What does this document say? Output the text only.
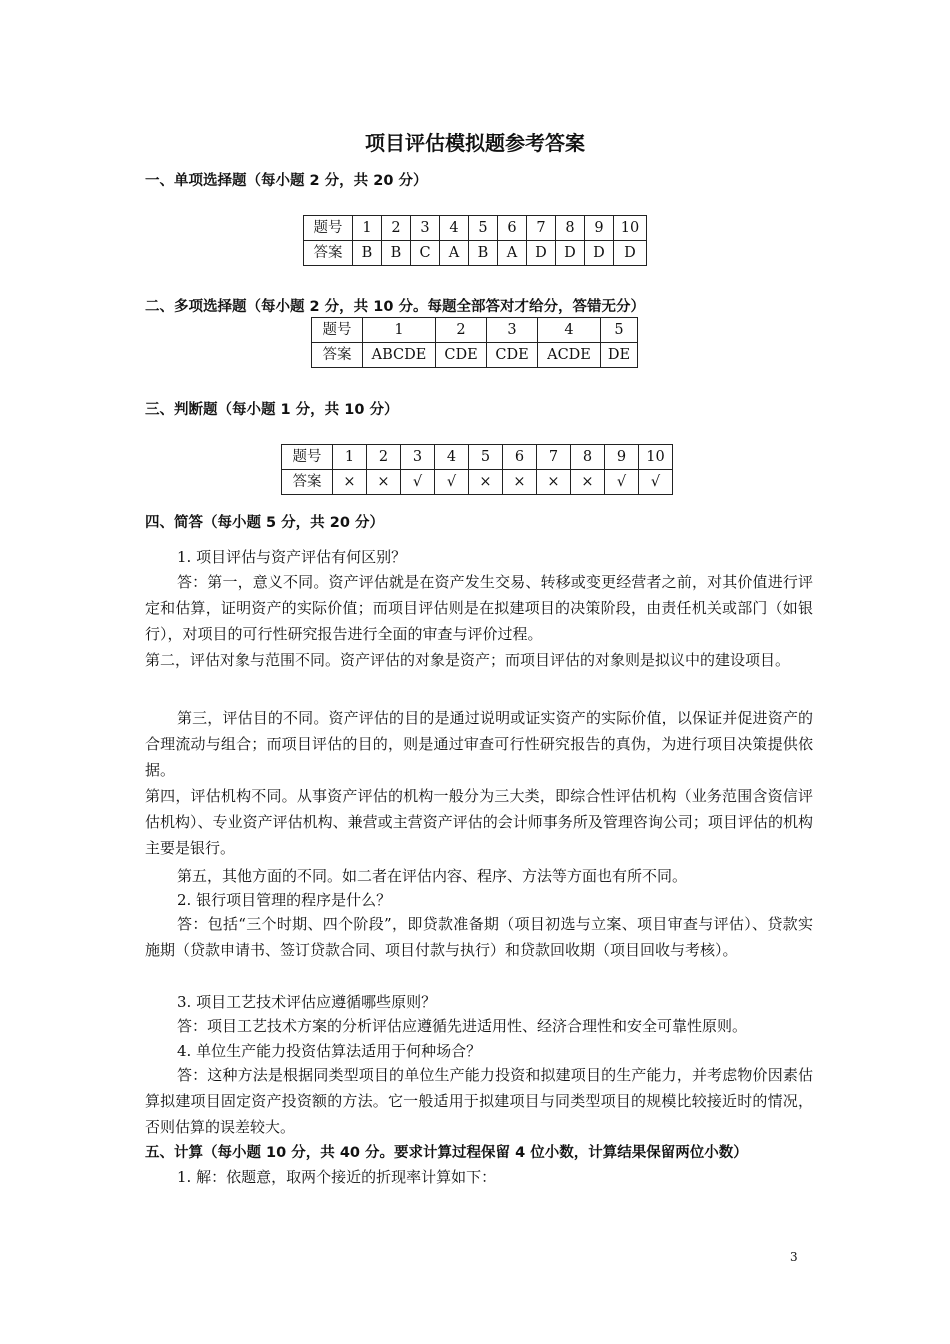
项目评估模拟题参考答案
一、单项选择题（每小题 2 分，共 20 分）
题号	1	2	3	4	5	6	7	8	9	10
答案	B	B	C	A	B	A	D	D	D	D
二、多项选择题（每小题 2 分，共 10 分。每题全部答对才给分，答错无分）
题号	1	2	3	4	5
答案	ABCDE	CDE	CDE	ACDE	DE
三、判断题（每小题 1 分，共 10 分）
题号	1	2	3	4	5	6	7	8	9	10
答案	×	×	√	√	×	×	×	×	√	√
四、简答（每小题 5 分，共 20 分）
1. 项目评估与资产评估有何区别？
答：第一，意义不同。资产评估就是在资产发生交易、转移或变更经营者之前，对其价值进行评定和估算，证明资产的实际价值；而项目评估则是在拟建项目的决策阶段，由责任机关或部门（如银行），对项目的可行性研究报告进行全面的审查与评价过程。
第二，评估对象与范围不同。资产评估的对象是资产；而项目评估的对象则是拟议中的建设项目。
第三，评估目的不同。资产评估的目的是通过说明或证实资产的实际价值，以保证并促进资产的合理流动与组合；而项目评估的目的，则是通过审查可行性研究报告的真伪，为进行项目决策提供依据。
第四，评估机构不同。从事资产评估的机构一般分为三大类，即综合性评估机构（业务范围含资信评估机构）、专业资产评估机构、兼营或主营资产评估的会计师事务所及管理咨询公司；项目评估的机构主要是银行。
第五，其他方面的不同。如二者在评估内容、程序、方法等方面也有所不同。
2. 银行项目管理的程序是什么？
答：包括“三个时期、四个阶段”，即贷款准备期（项目初选与立案、项目审查与评估）、贷款实施期（贷款申请书、签订贷款合同、项目付款与执行）和贷款回收期（项目回收与考核）。
3. 项目工艺技术评估应遵循哪些原则？
答：项目工艺技术方案的分析评估应遵循先进适用性、经济合理性和安全可靠性原则。
4. 单位生产能力投资估算法适用于何种场合？
答：这种方法是根据同类型项目的单位生产能力投资和拟建项目的生产能力，并考虑物价因素估算拟建项目固定资产投资额的方法。它一般适用于拟建项目与同类型项目的规模比较接近时的情况，否则估算的误差较大。
五、计算（每小题 10 分，共 40 分。要求计算过程保留 4 位小数，计算结果保留两位小数）
1. 解：依题意，取两个接近的折现率计算如下：
3
